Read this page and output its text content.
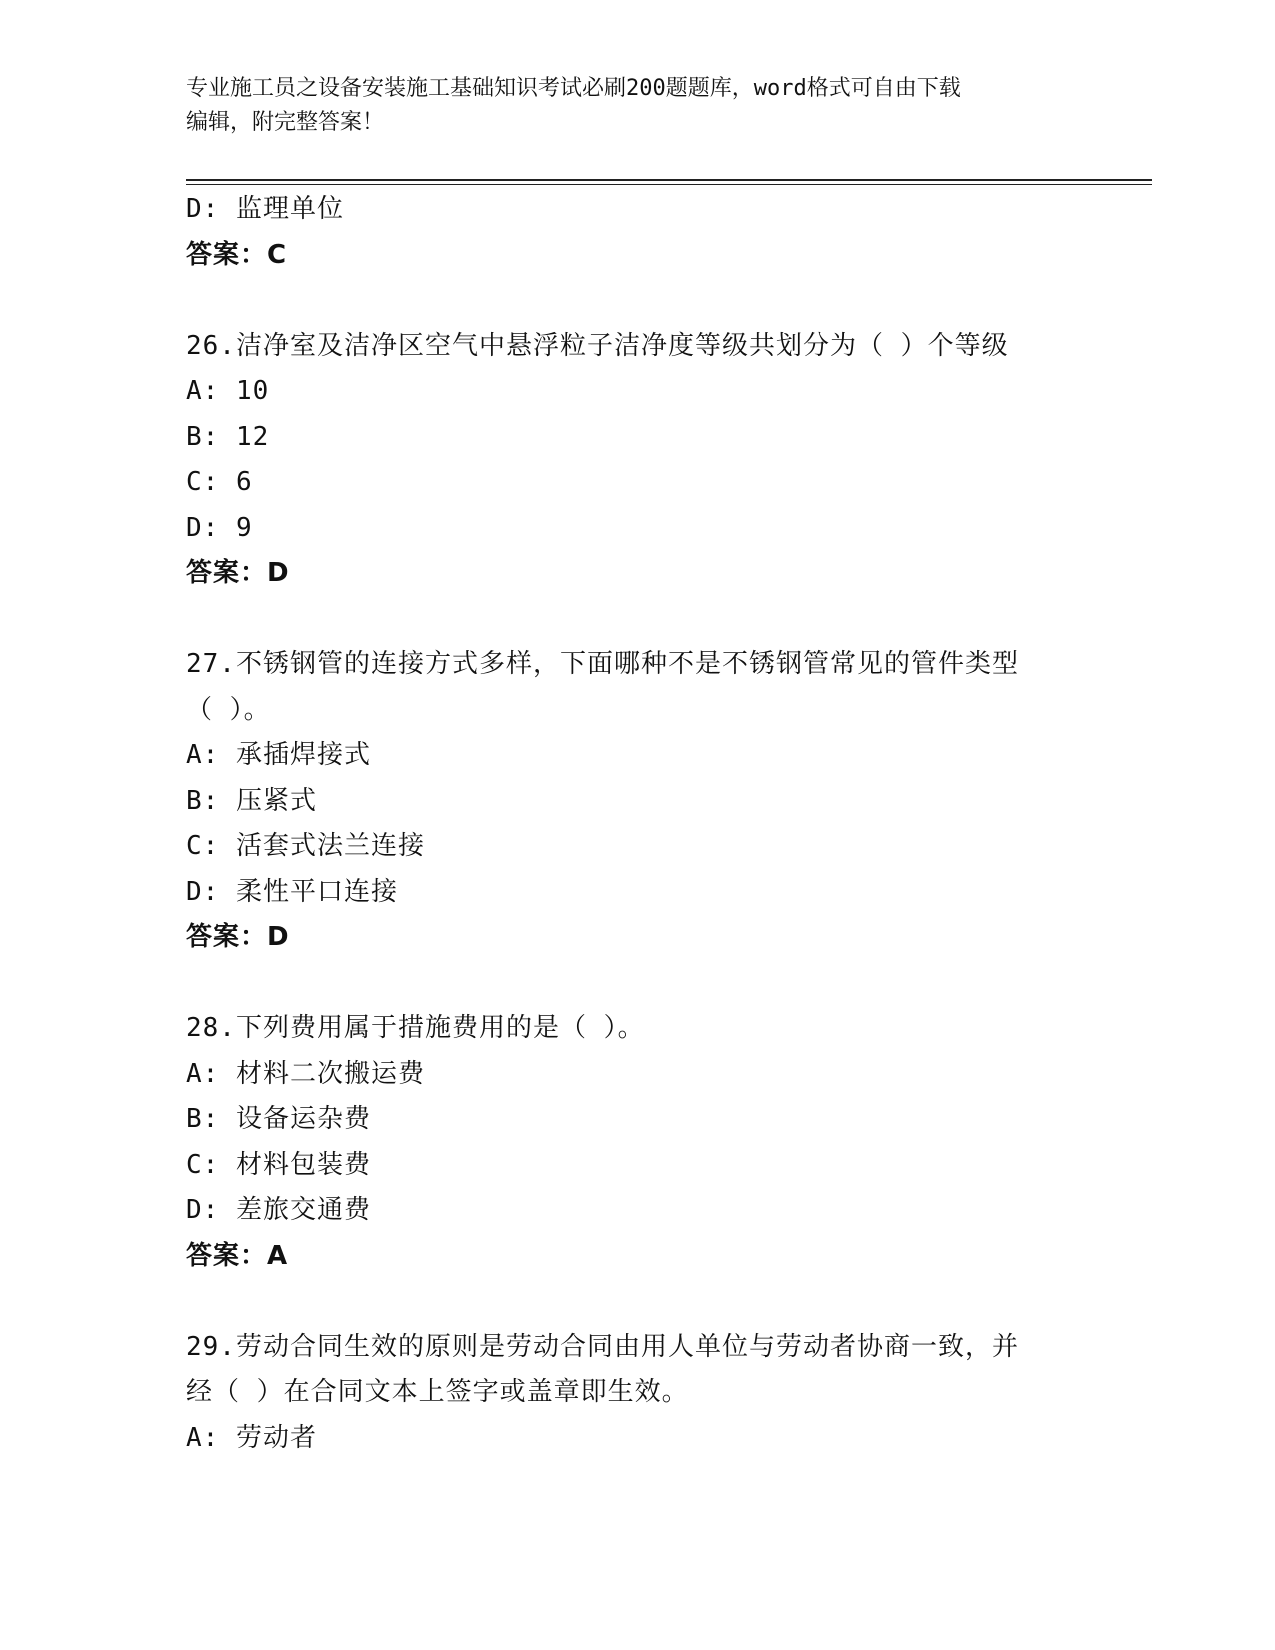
专业施工员之设备安装施工基础知识考试必刷200题题库，word格式可自由下载
编辑，附完整答案！
D: 监理单位
答案：C
26.洁净室及洁净区空气中悬浮粒子洁净度等级共划分为（ ）个等级
A: 10
B: 12
C: 6
D: 9
答案：D
27.不锈钢管的连接方式多样，下面哪种不是不锈钢管常见的管件类型
（ ）。
A: 承插焊接式
B: 压紧式
C: 活套式法兰连接
D: 柔性平口连接
答案：D
28.下列费用属于措施费用的是（ ）。
A: 材料二次搬运费
B: 设备运杂费
C: 材料包装费
D: 差旅交通费
答案：A
29.劳动合同生效的原则是劳动合同由用人单位与劳动者协商一致，并
经（ ）在合同文本上签字或盖章即生效。
A: 劳动者
